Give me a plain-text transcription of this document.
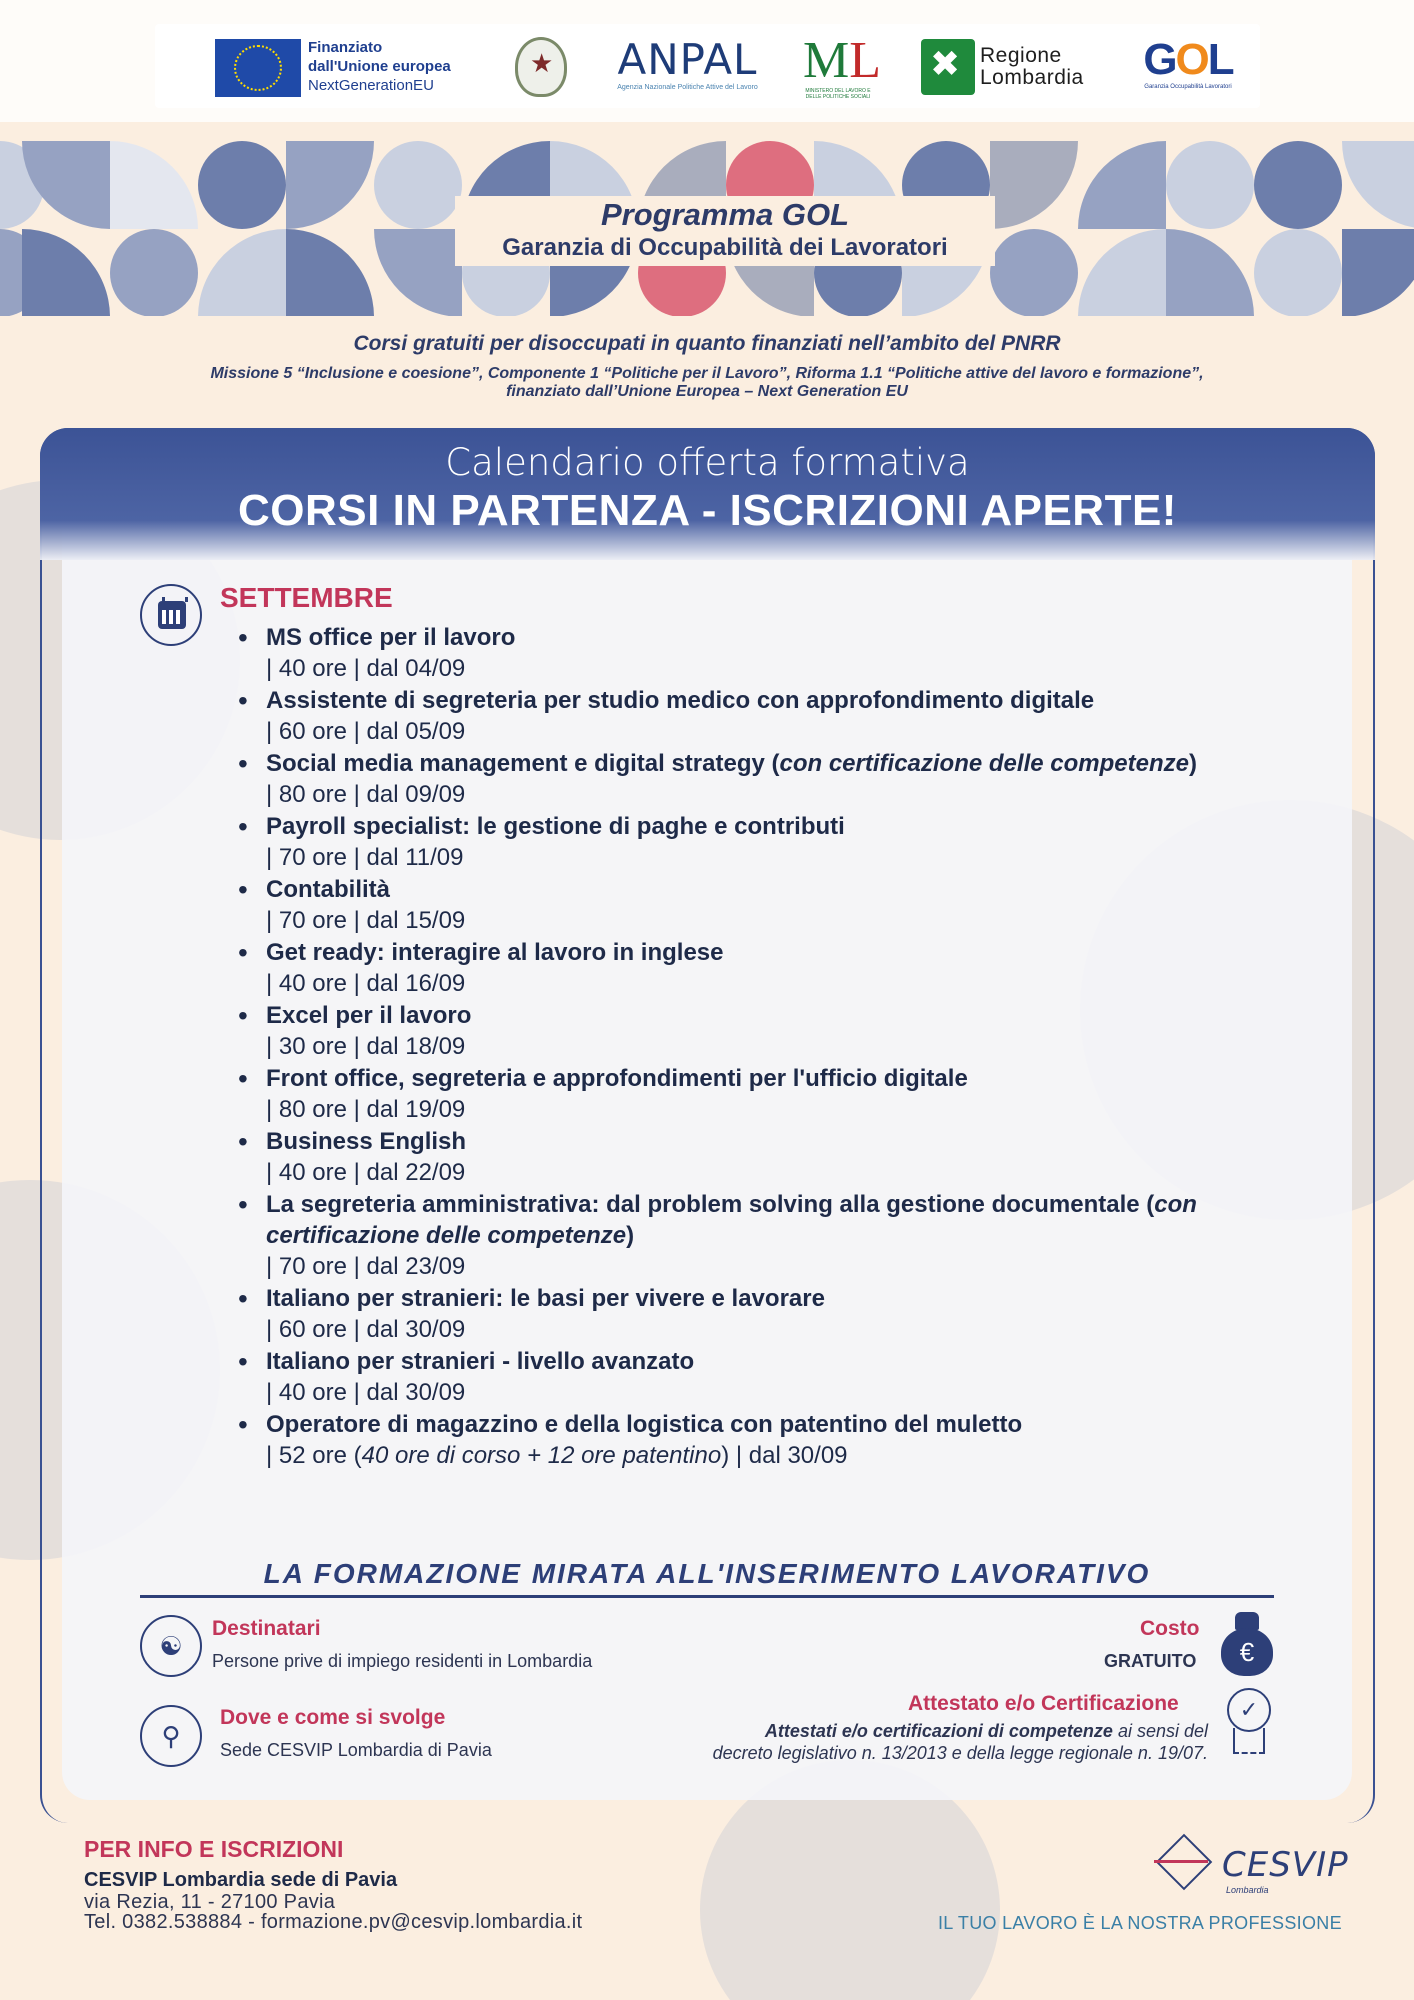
Finanziato
dall'Unione europea
NextGenerationEU
★
ANPAL
Agenzia Nazionale Politiche Attive del Lavoro ML
MINISTERO DEL LAVORO E DELLE POLITICHE SOCIALI
✖
Regione
Lombardia GOL
Garanzia Occupabilità Lavoratori
Programma GOL
Garanzia di Occupabilità dei Lavoratori
Corsi gratuiti per disoccupati in quanto finanziati nell’ambito del PNRR
Missione 5 “Inclusione e coesione”, Componente 1 “Politiche per il Lavoro”, Riforma 1.1 “Politiche attive del lavoro e formazione”,
finanziato dall’Unione Europea – Next Generation EU
Calendario offerta formativa
CORSI IN PARTENZA - ISCRIZIONI APERTE!
SETTEMBRE
• MS office per il lavoro
| 40 ore | dal 04/09
• Assistente di segreteria per studio medico con approfondimento digitale
| 60 ore | dal 05/09
• Social media management e digital strategy (con certificazione delle competenze)
| 80 ore | dal 09/09
• Payroll specialist: le gestione di paghe e contributi
| 70 ore | dal 11/09
• Contabilità
| 70 ore | dal 15/09
• Get ready: interagire al lavoro in inglese
| 40 ore | dal 16/09
• Excel per il lavoro
| 30 ore | dal 18/09
• Front office, segreteria e approfondimenti per l'ufficio digitale
| 80 ore | dal 19/09
• Business English
| 40 ore | dal 22/09
• La segreteria amministrativa: dal problem solving alla gestione documentale (con certificazione delle competenze)
| 70 ore | dal 23/09
• Italiano per stranieri: le basi per vivere e lavorare
| 60 ore | dal 30/09
• Italiano per stranieri - livello avanzato
| 40 ore | dal 30/09
• Operatore di magazzino e della logistica con patentino del muletto
| 52 ore (40 ore di corso + 12 ore patentino) | dal 30/09
LA FORMAZIONE MIRATA ALL'INSERIMENTO LAVORATIVO
☯
Destinatari
Persone prive di impiego residenti in Lombardia
⚲
Dove e come si svolge
Sede CESVIP Lombardia di Pavia
Costo
GRATUITO	€
Attestato e/o Certificazione
Attestati e/o certificazioni di competenze ai sensi del
decreto legislativo n. 13/2013 e della legge regionale n. 19/07.
✓
PER INFO E ISCRIZIONI
CESVIP Lombardia sede di Pavia
via Rezia, 11 - 27100 Pavia
Tel. 0382.538884 - formazione.pv@cesvip.lombardia.it
CESVIP
Lombardia
IL TUO LAVORO È LA NOSTRA PROFESSIONE
